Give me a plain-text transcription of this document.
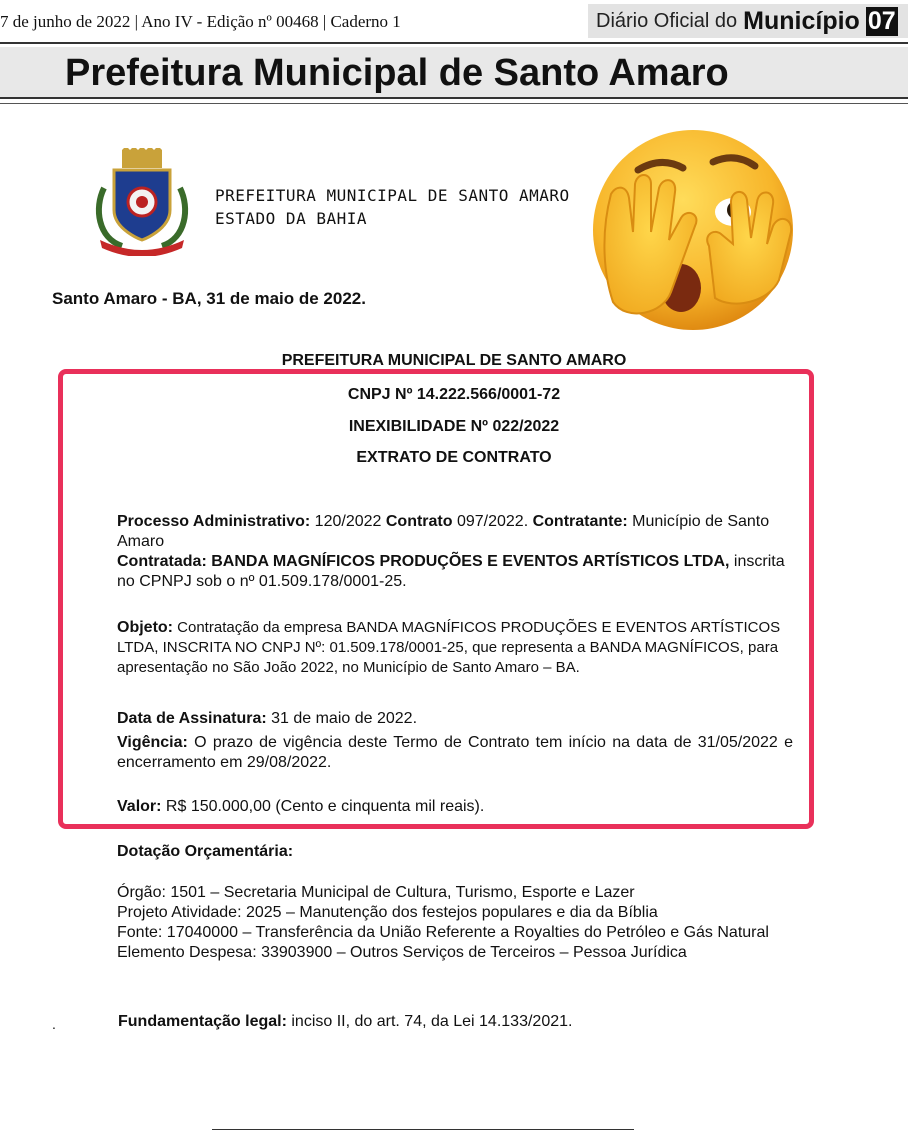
7 de junho de 2022 | Ano IV - Edição nº 00468 | Caderno 1	Diário Oficial do Município 07
Prefeitura Municipal de Santo Amaro
PREFEITURA MUNICIPAL DE SANTO AMARO
ESTADO DA BAHIA
Santo Amaro - BA, 31 de maio de 2022.
PREFEITURA MUNICIPAL DE SANTO AMARO
CNPJ Nº 14.222.566/0001-72
INEXIBILIDADE Nº 022/2022
EXTRATO DE CONTRATO
Processo Administrativo: 120/2022 Contrato 097/2022. Contratante: Município de Santo Amaro
Contratada: BANDA MAGNÍFICOS PRODUÇÕES E EVENTOS ARTÍSTICOS LTDA, inscrita no CPNPJ sob o nº 01.509.178/0001-25.
Objeto: Contratação da empresa BANDA MAGNÍFICOS PRODUÇÕES E EVENTOS ARTÍSTICOS LTDA, INSCRITA NO CNPJ Nº: 01.509.178/0001-25, que representa a BANDA MAGNÍFICOS, para apresentação no São João 2022, no Município de Santo Amaro – BA.
Data de Assinatura: 31 de maio de 2022.
Vigência: O prazo de vigência deste Termo de Contrato tem início na data de 31/05/2022 e encerramento em 29/08/2022.
Valor: R$ 150.000,00 (Cento e cinquenta mil reais).
Dotação Orçamentária:
Órgão: 1501 – Secretaria Municipal de Cultura, Turismo, Esporte e Lazer
Projeto Atividade: 2025 – Manutenção dos festejos populares e dia da Bíblia
Fonte: 17040000 – Transferência da União Referente a Royalties do Petróleo e Gás Natural
Elemento Despesa: 33903900 – Outros Serviços de Terceiros – Pessoa Jurídica
.	Fundamentação legal: inciso II, do art. 74, da Lei 14.133/2021.
